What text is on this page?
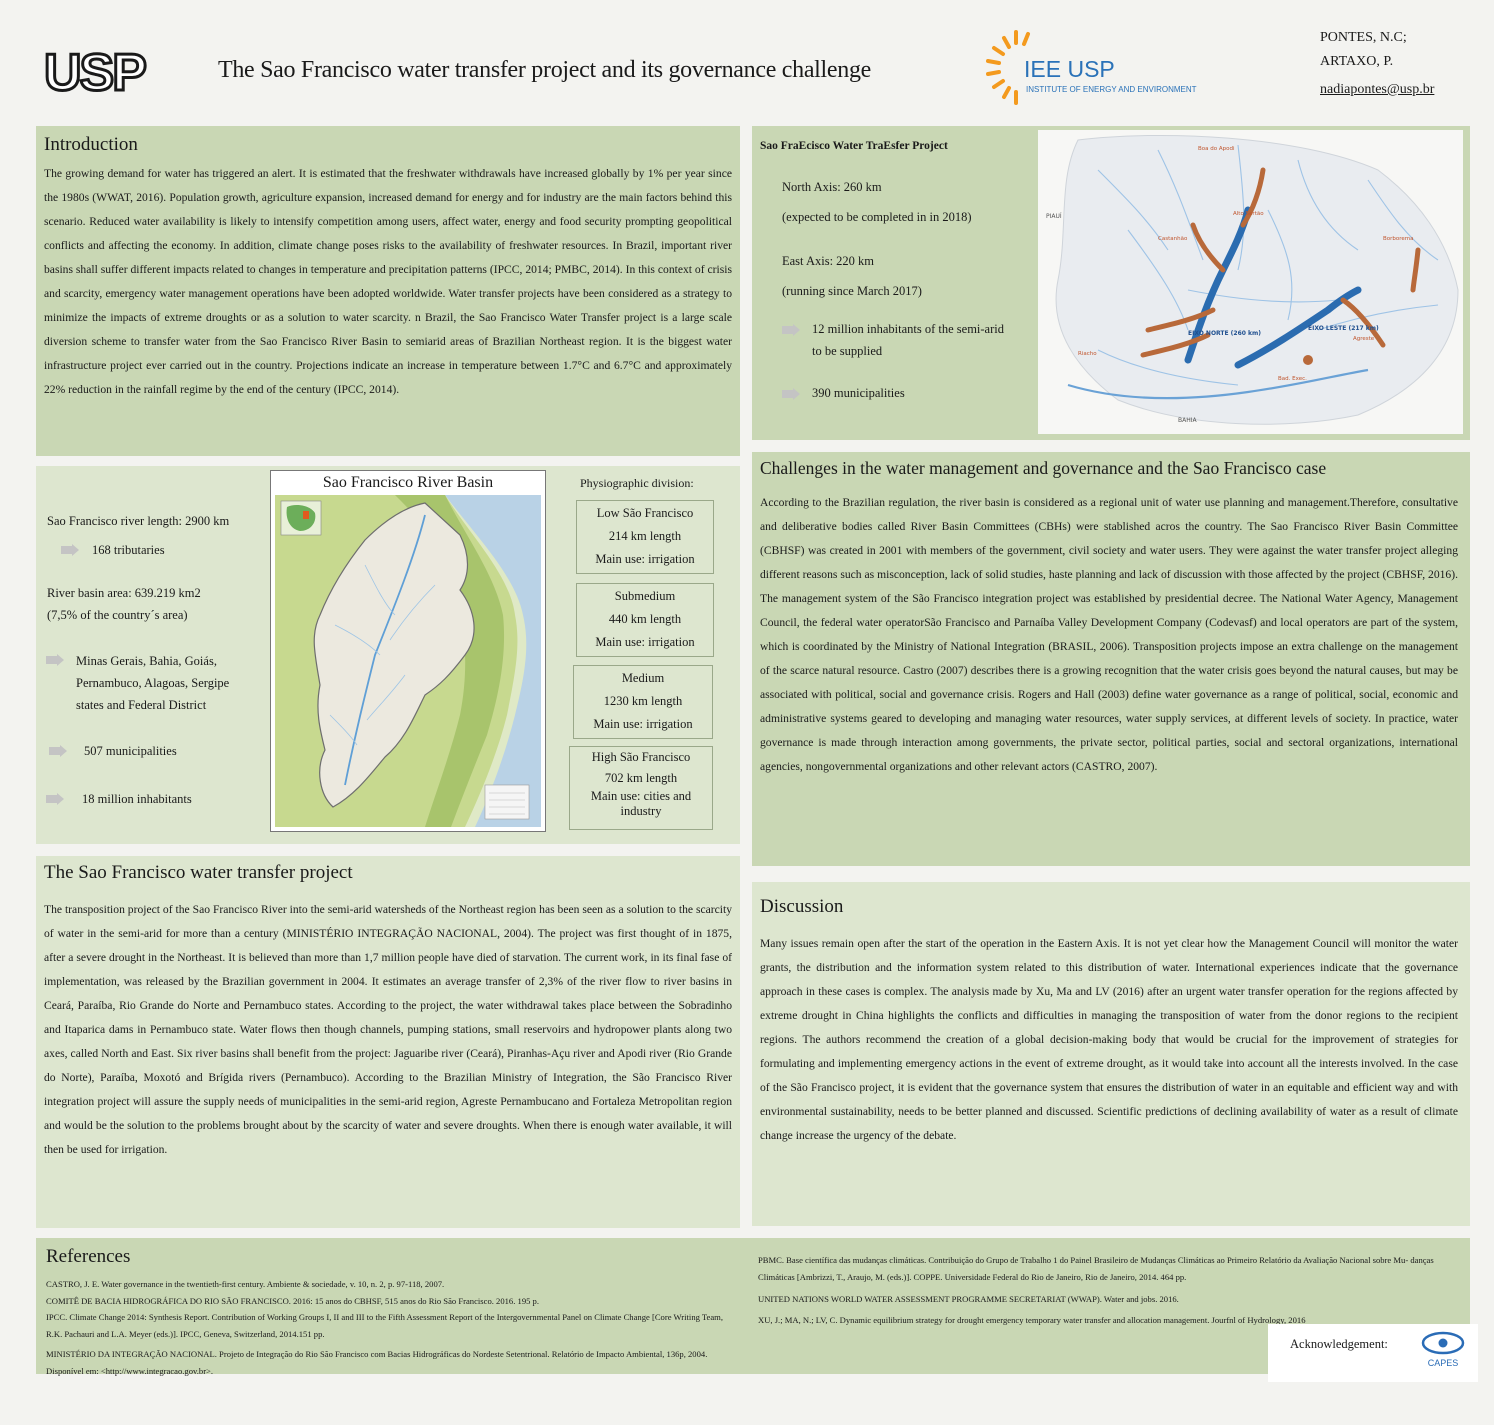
USP	The Sao Francisco water transfer project and its governance challenge	IEE USP
INSTITUTE OF ENERGY AND ENVIRONMENT
PONTES, N.C;
ARTAXO, P.
nadiapontes@usp.br
Introduction

The growing demand for water has triggered an alert. It is estimated that the freshwater withdrawals have increased globally by 1% per year since the 1980s (WWAT, 2016). Population growth, agriculture expansion, increased demand for energy and for industry are the main factors behind this scenario. Reduced water availability is likely to intensify competition among users, affect water, energy and food security prompting geopolitical conflicts and affecting the economy. In addition, climate change poses risks to the availability of freshwater resources. In Brazil, important river basins shall suffer different impacts related to changes in temperature and precipitation patterns (IPCC, 2014; PMBC, 2014). In this context of crisis and scarcity, emergency water management operations have been adopted worldwide. Water transfer projects have been considered as a strategy to minimize the impacts of extreme droughts or as a solution to water scarcity. n Brazil, the Sao Francisco Water Transfer project is a large scale diversion scheme to transfer water from the Sao Francisco River Basin to semiarid areas of Brazilian Northeast region. It is the biggest water infrastructure project ever carried out in the country. Projections indicate an increase in temperature between 1.7°C and 6.7°C and approximately 22% reduction in the rainfall regime by the end of the century (IPCC, 2014).

Sao FraEcisco Water TraEsfer Project
North Axis: 260 km
(expected to be completed in in 2018)
East Axis: 220 km
(running since March 2017)
12 million inhabitants of the semi-arid
to be supplied
390 municipalities
Boa do Apodi
Alto Sertão
Castanhão	Borborema
Agreste
Riacho
Bad. Exec.
PIAUÍ
BAHIA
EIXO NORTE (260 km)
EIXO LESTE (217 km)
Sao Francisco river length: 2900 km
168 tributaries
River basin area: 639.219 km2
(7,5% of the country´s area)
Minas Gerais, Bahia, Goiás,
Pernambuco, Alagoas, Sergipe
states and Federal District
507 municipalities
18 million inhabitants
Sao Francisco River Basin	Physiographic division:
Low São Francisco
214 km length
Main use: irrigation
Submedium
440 km length
Main use: irrigation
Medium
1230 km length
Main use: irrigation
High São Francisco
702 km length
Main use: cities and industry
Challenges in the water management and governance and the Sao Francisco case

According to the Brazilian regulation, the river basin is considered as a regional unit of water use planning and management.Therefore, consultative and deliberative bodies called River Basin Committees (CBHs) were stablished acros the country. The Sao Francisco River Basin Committee (CBHSF) was created in 2001 with members of the government, civil society and water users. They were against the water transfer project alleging different reasons such as misconception, lack of solid studies, haste planning and lack of discussion with those affected by the project (CBHSF, 2016). The management system of the São Francisco integration project was established by presidential decree. The National Water Agency, Management Council, the federal water operatorSão Francisco and Parnaíba Valley Development Company (Codevasf) and local operators are part of the system, which is coordinated by the Ministry of National Integration (BRASIL, 2006). Transposition projects impose an extra challenge on the management of the scarce natural resource. Castro (2007) describes there is a growing recognition that the water crisis goes beyond the natural causes, but may be associated with political, social and governance crisis. Rogers and Hall (2003) define water governance as a range of political, social, economic and administrative systems geared to developing and managing water resources, water supply services, at different levels of society. In practice, water governance is made through interaction among governments, the private sector, political parties, social and sectoral organizations, international agencies, nongovernmental organizations and other relevant actors (CASTRO, 2007).

The Sao Francisco water transfer project

The transposition project of the Sao Francisco River into the semi-arid watersheds of the Northeast region has been seen as a solution to the scarcity of water in the semi-arid for more than a century (MINISTÉRIO INTEGRAÇÃO NACIONAL, 2004). The project was first thought of in 1875, after a severe drought in the Northeast. It is believed than more than 1,7 million people have died of starvation. The current work, in its final fase of implementation, was released by the Brazilian government in 2004. It estimates an average transfer of 2,3% of the river flow to river basins in Ceará, Paraíba, Rio Grande do Norte and Pernambuco states. According to the project, the water withdrawal takes place between the Sobradinho and Itaparica dams in Pernambuco state. Water flows then though channels, pumping stations, small reservoirs and hydropower plants along two axes, called North and East. Six river basins shall benefit from the project: Jaguaribe river (Ceará), Piranhas-Açu river and Apodi river (Rio Grande do Norte), Paraíba, Moxotó and Brígida rivers (Pernambuco). According to the Brazilian Ministry of Integration, the São Francisco River integration project will assure the supply needs of municipalities in the semi-arid region, Agreste Pernambucano and Fortaleza Metropolitan region and would be the solution to the problems brought about by the scarcity of water and severe droughts. When there is enough water available, it will then be used for irrigation.

Discussion

Many issues remain open after the start of the operation in the Eastern Axis. It is not yet clear how the Management Council will monitor the water grants, the distribution and the information system related to this distribution of water. International experiences indicate that the governance approach in these cases is complex. The analysis made by Xu, Ma and LV (2016) after an urgent water transfer operation for the regions affected by extreme drought in China highlights the conflicts and difficulties in managing the transposition of water from the donor regions to the recipient regions. The authors recommend the creation of a global decision-making body that would be crucial for the improvement of strategies for formulating and implementing emergency actions in the event of extreme drought, as it would take into account all the interests involved. In the case of the São Francisco project, it is evident that the governance system that ensures the distribution of water in an equitable and efficient way and with environmental sustainability, needs to be better planned and discussed. Scientific predictions of declining availability of water as a result of climate change increase the urgency of the debate.

References

CASTRO, J. E. Water governance in the twentieth-first century. Ambiente & sociedade, v. 10, n. 2, p. 97-118, 2007.

COMITÊ DE BACIA HIDROGRÁFICA DO RIO SÃO FRANCISCO. 2016: 15 anos do CBHSF, 515 anos do Rio São Francisco. 2016. 195 p.

IPCC. Climate Change 2014: Synthesis Report. Contribution of Working Groups I, II and III to the Fifth Assessment Report of the Intergovernmental Panel on Climate Change [Core Writing Team, R.K. Pachauri and L.A. Meyer (eds.)]. IPCC, Geneva, Switzerland, 2014.151 pp.

MINISTÉRIO DA INTEGRAÇÃO NACIONAL. Projeto de Integração do Rio São Francisco com Bacias Hidrográficas do Nordeste Setentrional. Relatório de Impacto Ambiental, 136p, 2004. Disponível em: <http://www.integracao.gov.br>.

PBMC. Base científica das mudanças climáticas. Contribuição do Grupo de Trabalho 1 do Painel Brasileiro de Mudanças Climáticas ao Primeiro Relatório da Avaliação Nacional sobre Mu- danças Climáticas [Ambrizzi, T., Araujo, M. (eds.)]. COPPE. Universidade Federal do Rio de Janeiro, Rio de Janeiro, 2014. 464 pp.

UNITED NATIONS WORLD WATER ASSESSMENT PROGRAMME SECRETARIAT (WWAP). Water and jobs. 2016.

XU, J.; MA, N.; LV, C. Dynamic equilibrium strategy for drought emergency temporary water transfer and allocation management. Jourfnl of Hydrology, 2016

Acknowledgement:
CAPES
